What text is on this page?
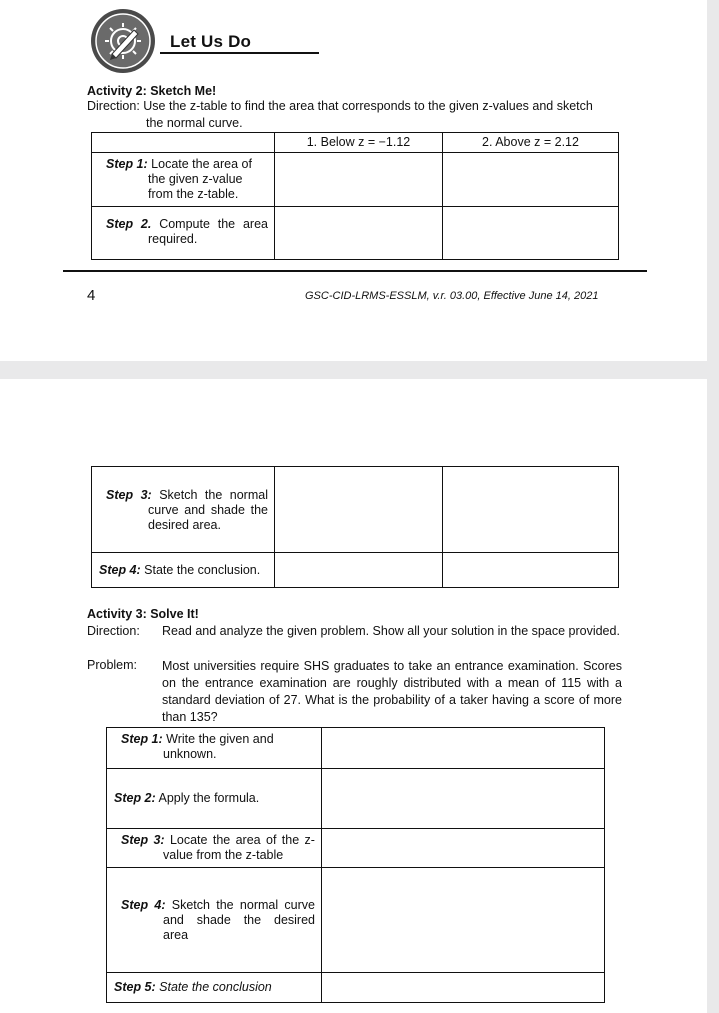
Let Us Do
Activity 2: Sketch Me!
Direction: Use the z-table to find the area that corresponds to the given z-values and sketch
the normal curve.
	1. Below z = −1.12	2. Above z = 2.12

Step 1: Locate the area of the given z-value from the z-table.		

Step 2. Compute the area required.		

4	GSC-CID-LRMS-ESSLM, v.r. 03.00, Effective June 14, 2021
Step 3: Sketch the normal curve and shade the desired area.		

Step 4: State the conclusion.		
Activity 3: Solve It!
Direction: Read and analyze the given problem. Show all your solution in the space provided.
Problem: Most universities require SHS graduates to take an entrance examination. Scores on the entrance examination are roughly distributed with a mean of 115 with a standard deviation of 27. What is the probability of a taker having a score of more than 135?
Step 1: Write the given and unknown.	

Step 2: Apply the formula.	

Step 3: Locate the area of the z-value from the z-table	

Step 4: Sketch the normal curve and shade the desired area	

Step 5: State the conclusion	
